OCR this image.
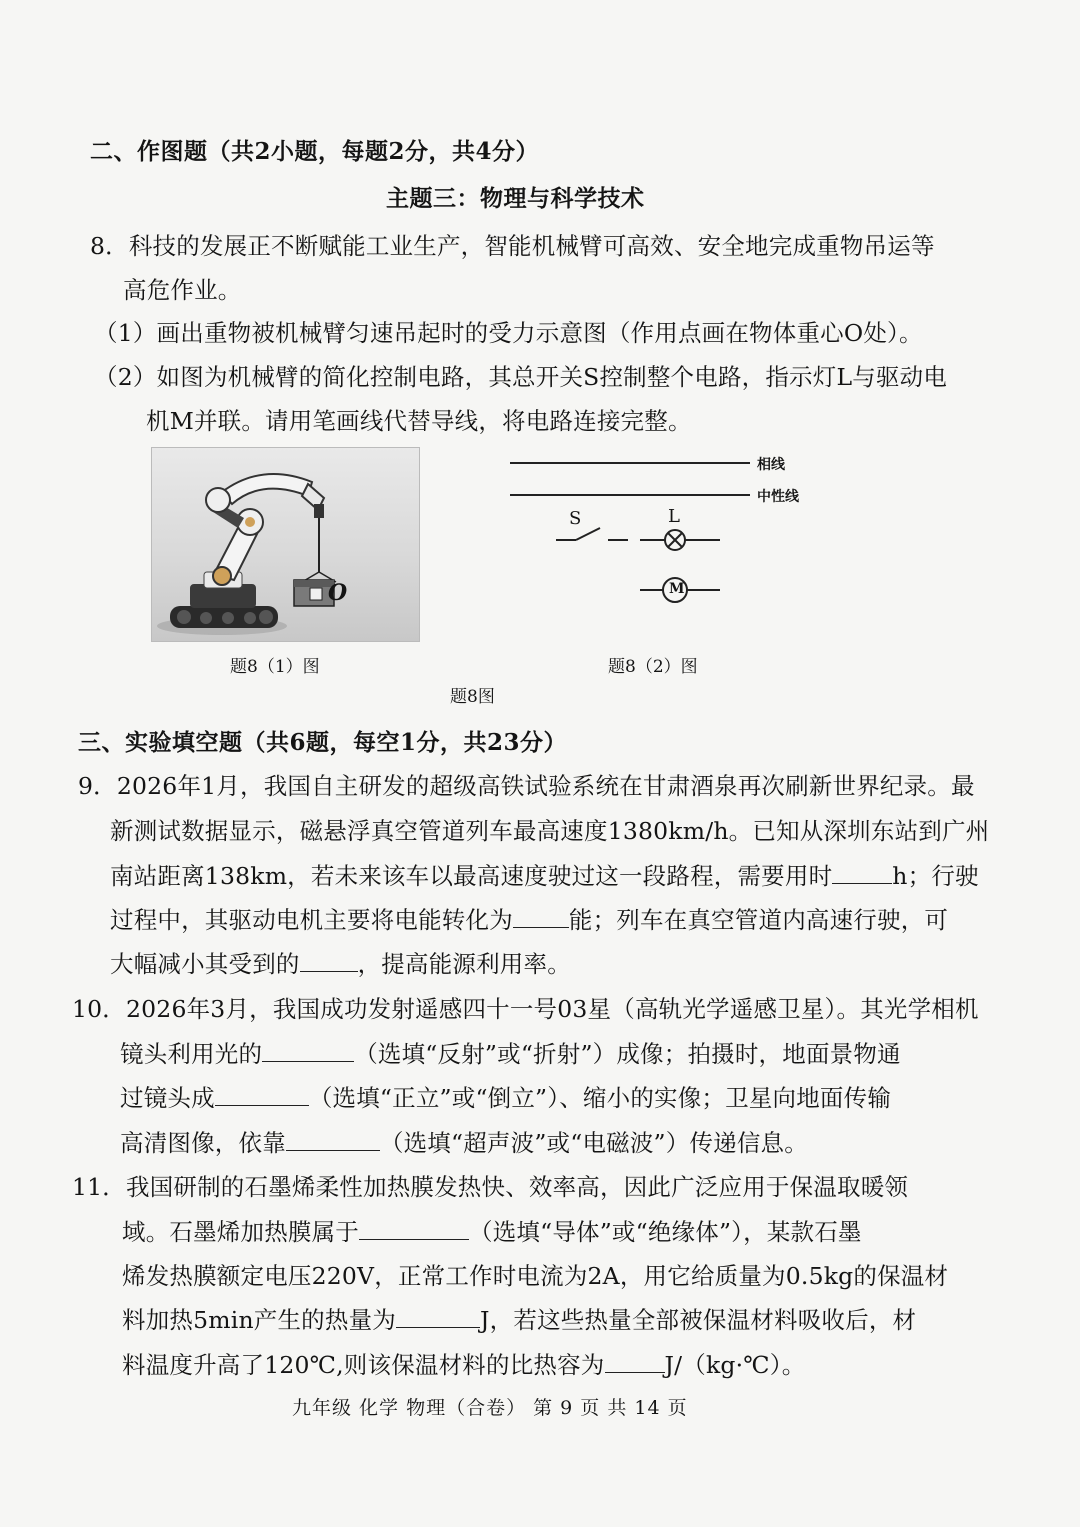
二、作图题（共2小题，每题2分，共4分）
主题三：物理与科学技术
8．科技的发展正不断赋能工业生产，智能机械臂可高效、安全地完成重物吊运等
高危作业。
（1）画出重物被机械臂匀速吊起时的受力示意图（作用点画在物体重心O处）。
（2）如图为机械臂的简化控制电路，其总开关S控制整个电路，指示灯L与驱动电
机M并联。请用笔画线代替导线，将电路连接完整。
O
题8（1）图
相线
中性线
S	L
M
题8（2）图
题8图
三、实验填空题（共6题，每空1分，共23分）
9．2026年1月，我国自主研发的超级高铁试验系统在甘肃酒泉再次刷新世界纪录。最
新测试数据显示，磁悬浮真空管道列车最高速度1380km/h。已知从深圳东站到广州
南站距离138km，若未来该车以最高速度驶过这一段路程，需要用时	h；行驶
过程中，其驱动电机主要将电能转化为 能；列车在真空管道内高速行驶，可
大幅减小其受到的 ，提高能源利用率。
10．2026年3月，我国成功发射遥感四十一号03星（高轨光学遥感卫星）。其光学相机
镜头利用光的	（选填“反射”或“折射”）成像；拍摄时，地面景物通
过镜头成	（选填“正立”或“倒立”）、缩小的实像；卫星向地面传输
高清图像，依靠	（选填“超声波”或“电磁波”）传递信息。
11．我国研制的石墨烯柔性加热膜发热快、效率高，因此广泛应用于保温取暖领
域。石墨烯加热膜属于	（选填“导体”或“绝缘体”），某款石墨
烯发热膜额定电压220V，正常工作时电流为2A，用它给质量为0.5kg的保温材
料加热5min产生的热量为	J，若这些热量全部被保温材料吸收后，材
料温度升高了120℃,则该保温材料的比热容为	J/（kg·℃）。
九年级 化学 物理（合卷） 第 9 页 共 14 页
